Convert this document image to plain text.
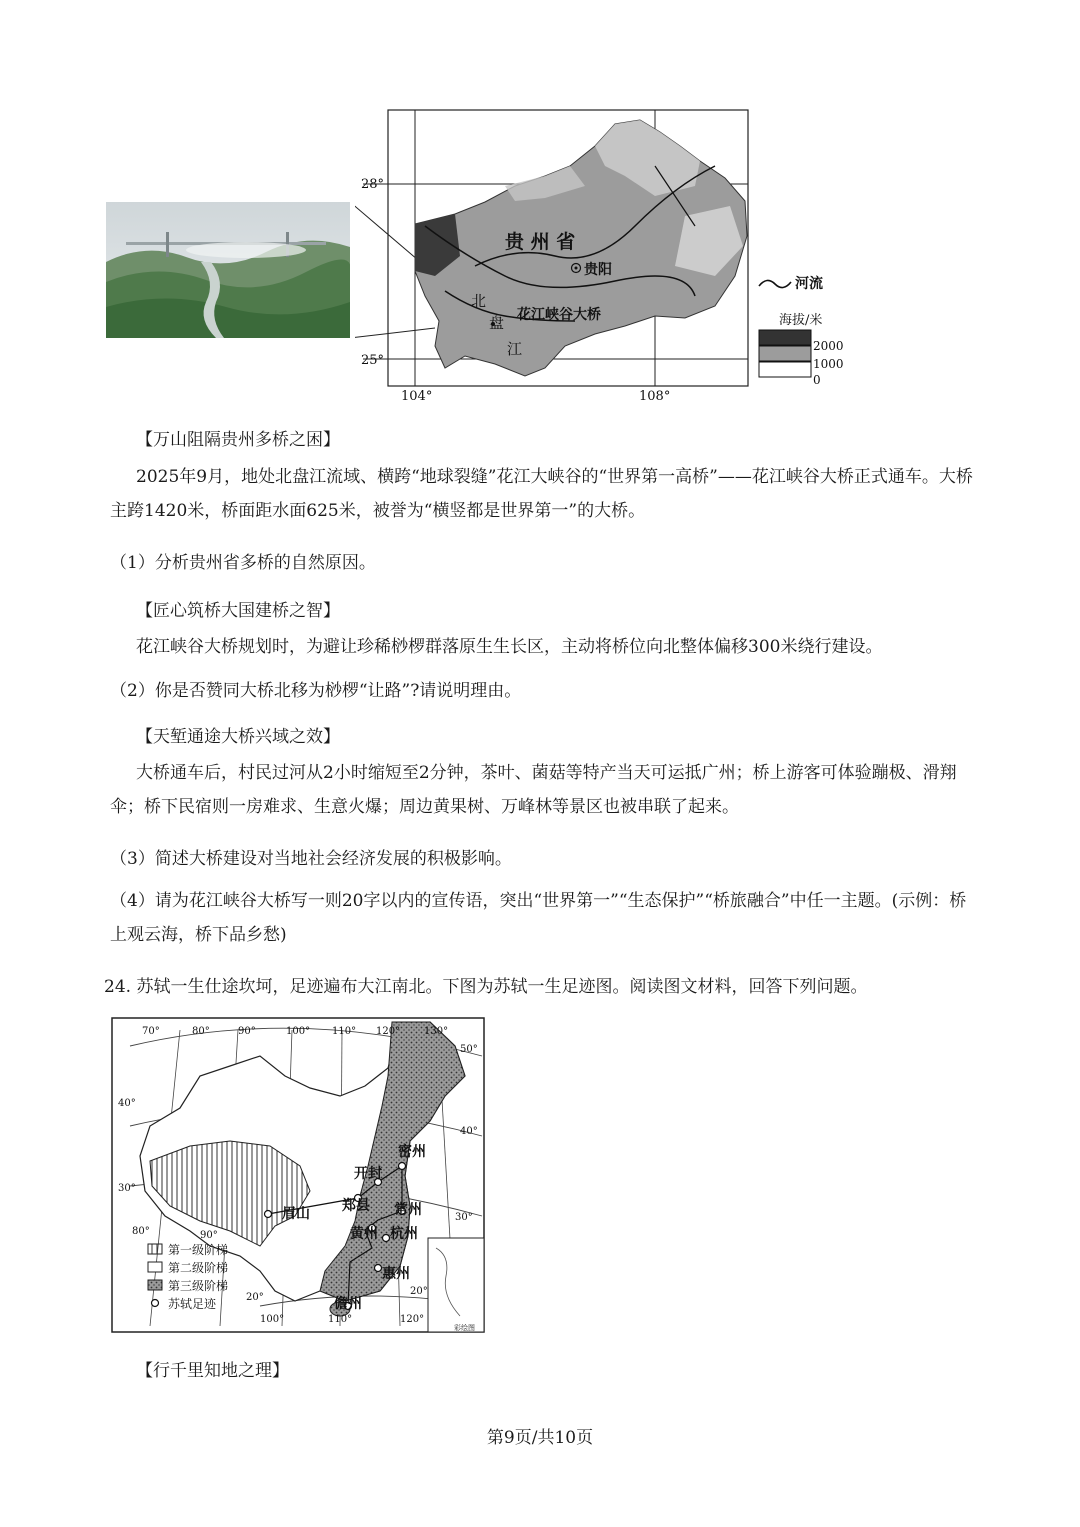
贵 州 省
贵阳
花江峡谷大桥
北
盘
江
28°
25°
104°	108°
河流
海拔/米
2000
1000
0
【万山阻隔贵州多桥之困】
2025年9月，地处北盘江流域、横跨“地球裂缝”花江大峡谷的“世界第一高桥”——花江峡谷大桥正式通车。大桥主跨1420米，桥面距水面625米，被誉为“横竖都是世界第一”的大桥。
（1）分析贵州省多桥的自然原因。
【匠心筑桥大国建桥之智】
花江峡谷大桥规划时，为避让珍稀桫椤群落原生生长区，主动将桥位向北整体偏移300米绕行建设。
（2）你是否赞同大桥北移为桫椤“让路”?请说明理由。
【天堑通途大桥兴域之效】
大桥通车后，村民过河从2小时缩短至2分钟，茶叶、菌菇等特产当天可运抵广州；桥上游客可体验蹦极、滑翔伞；桥下民宿则一房难求、生意火爆；周边黄果树、万峰林等景区也被串联了起来。
（3）简述大桥建设对当地社会经济发展的积极影响。
（4）请为花江峡谷大桥写一则20字以内的宣传语，突出“世界第一”“生态保护”“桥旅融合”中任一主题。(示例：桥上观云海，桥下品乡愁)
24. 苏轼一生仕途坎坷，足迹遍布大江南北。下图为苏轼一生足迹图。阅读图文材料，回答下列问题。
开封
密州
眉山 郑县 常州
黄州 杭州
惠州
儋州
70°	80°	90°	100° 110° 120° 130°
40°
30°
80°
50°
40°
30°
90°
20°
100°	110°	120°
20°
第一级阶梯
第二级阶梯
第三级阶梯
苏轼足迹
彩绘图
【行千里知地之理】
第9页/共10页
